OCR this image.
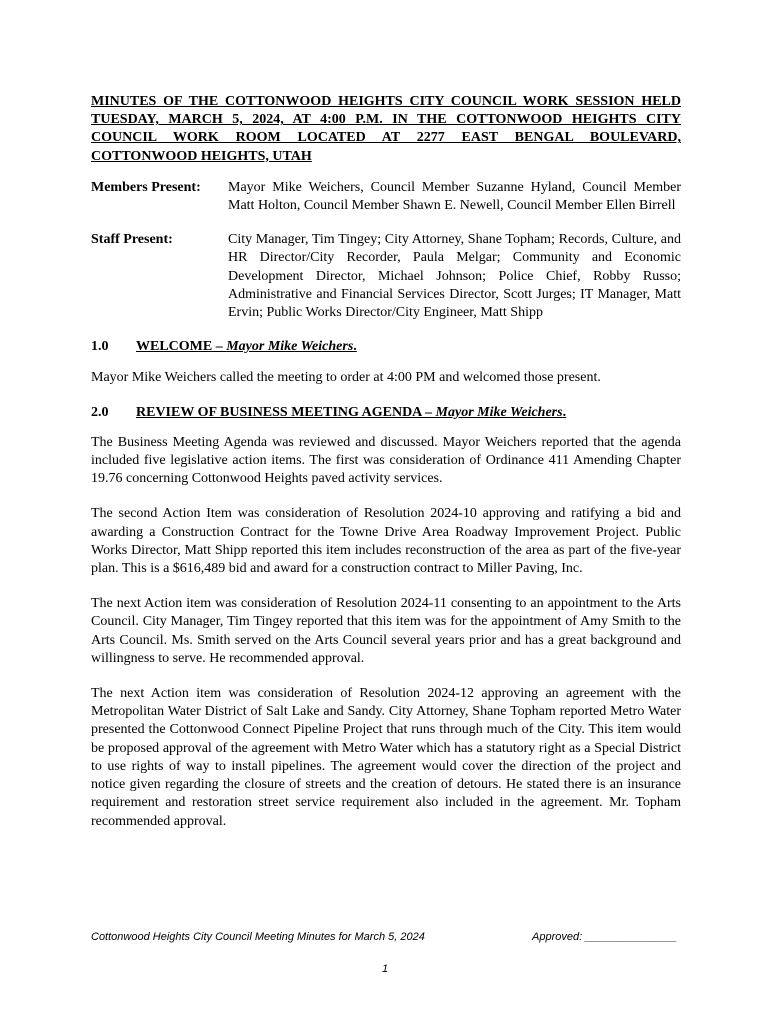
MINUTES OF THE COTTONWOOD HEIGHTS CITY COUNCIL WORK SESSION HELD TUESDAY, MARCH 5, 2024, AT 4:00 P.M. IN THE COTTONWOOD HEIGHTS CITY COUNCIL WORK ROOM LOCATED AT 2277 EAST BENGAL BOULEVARD, COTTONWOOD HEIGHTS, UTAH

Members Present:	Mayor Mike Weichers, Council Member Suzanne Hyland, Council Member Matt Holton, Council Member Shawn E. Newell, Council Member Ellen Birrell
Staff Present:	City Manager, Tim Tingey; City Attorney, Shane Topham; Records, Culture, and HR Director/City Recorder, Paula Melgar; Community and Economic Development Director, Michael Johnson; Police Chief, Robby Russo; Administrative and Financial Services Director, Scott Jurges; IT Manager, Matt Ervin; Public Works Director/City Engineer, Matt Shipp
1.0	WELCOME – Mayor Mike Weichers.

Mayor Mike Weichers called the meeting to order at 4:00 PM and welcomed those present.

2.0	REVIEW OF BUSINESS MEETING AGENDA – Mayor Mike Weichers.

The Business Meeting Agenda was reviewed and discussed. Mayor Weichers reported that the agenda included five legislative action items. The first was consideration of Ordinance 411 Amending Chapter 19.76 concerning Cottonwood Heights paved activity services.

The second Action Item was consideration of Resolution 2024-10 approving and ratifying a bid and awarding a Construction Contract for the Towne Drive Area Roadway Improvement Project. Public Works Director, Matt Shipp reported this item includes reconstruction of the area as part of the five-year plan. This is a $616,489 bid and award for a construction contract to Miller Paving, Inc.

The next Action item was consideration of Resolution 2024-11 consenting to an appointment to the Arts Council. City Manager, Tim Tingey reported that this item was for the appointment of Amy Smith to the Arts Council. Ms. Smith served on the Arts Council several years prior and has a great background and willingness to serve. He recommended approval.

The next Action item was consideration of Resolution 2024-12 approving an agreement with the Metropolitan Water District of Salt Lake and Sandy. City Attorney, Shane Topham reported Metro Water presented the Cottonwood Connect Pipeline Project that runs through much of the City. This item would be proposed approval of the agreement with Metro Water which has a statutory right as a Special District to use rights of way to install pipelines. The agreement would cover the direction of the project and notice given regarding the closure of streets and the creation of detours. He stated there is an insurance requirement and restoration street service requirement also included in the agreement. Mr. Topham recommended approval.

Cottonwood Heights City Council Meeting Minutes for March 5, 2024	Approved: _______________
1
